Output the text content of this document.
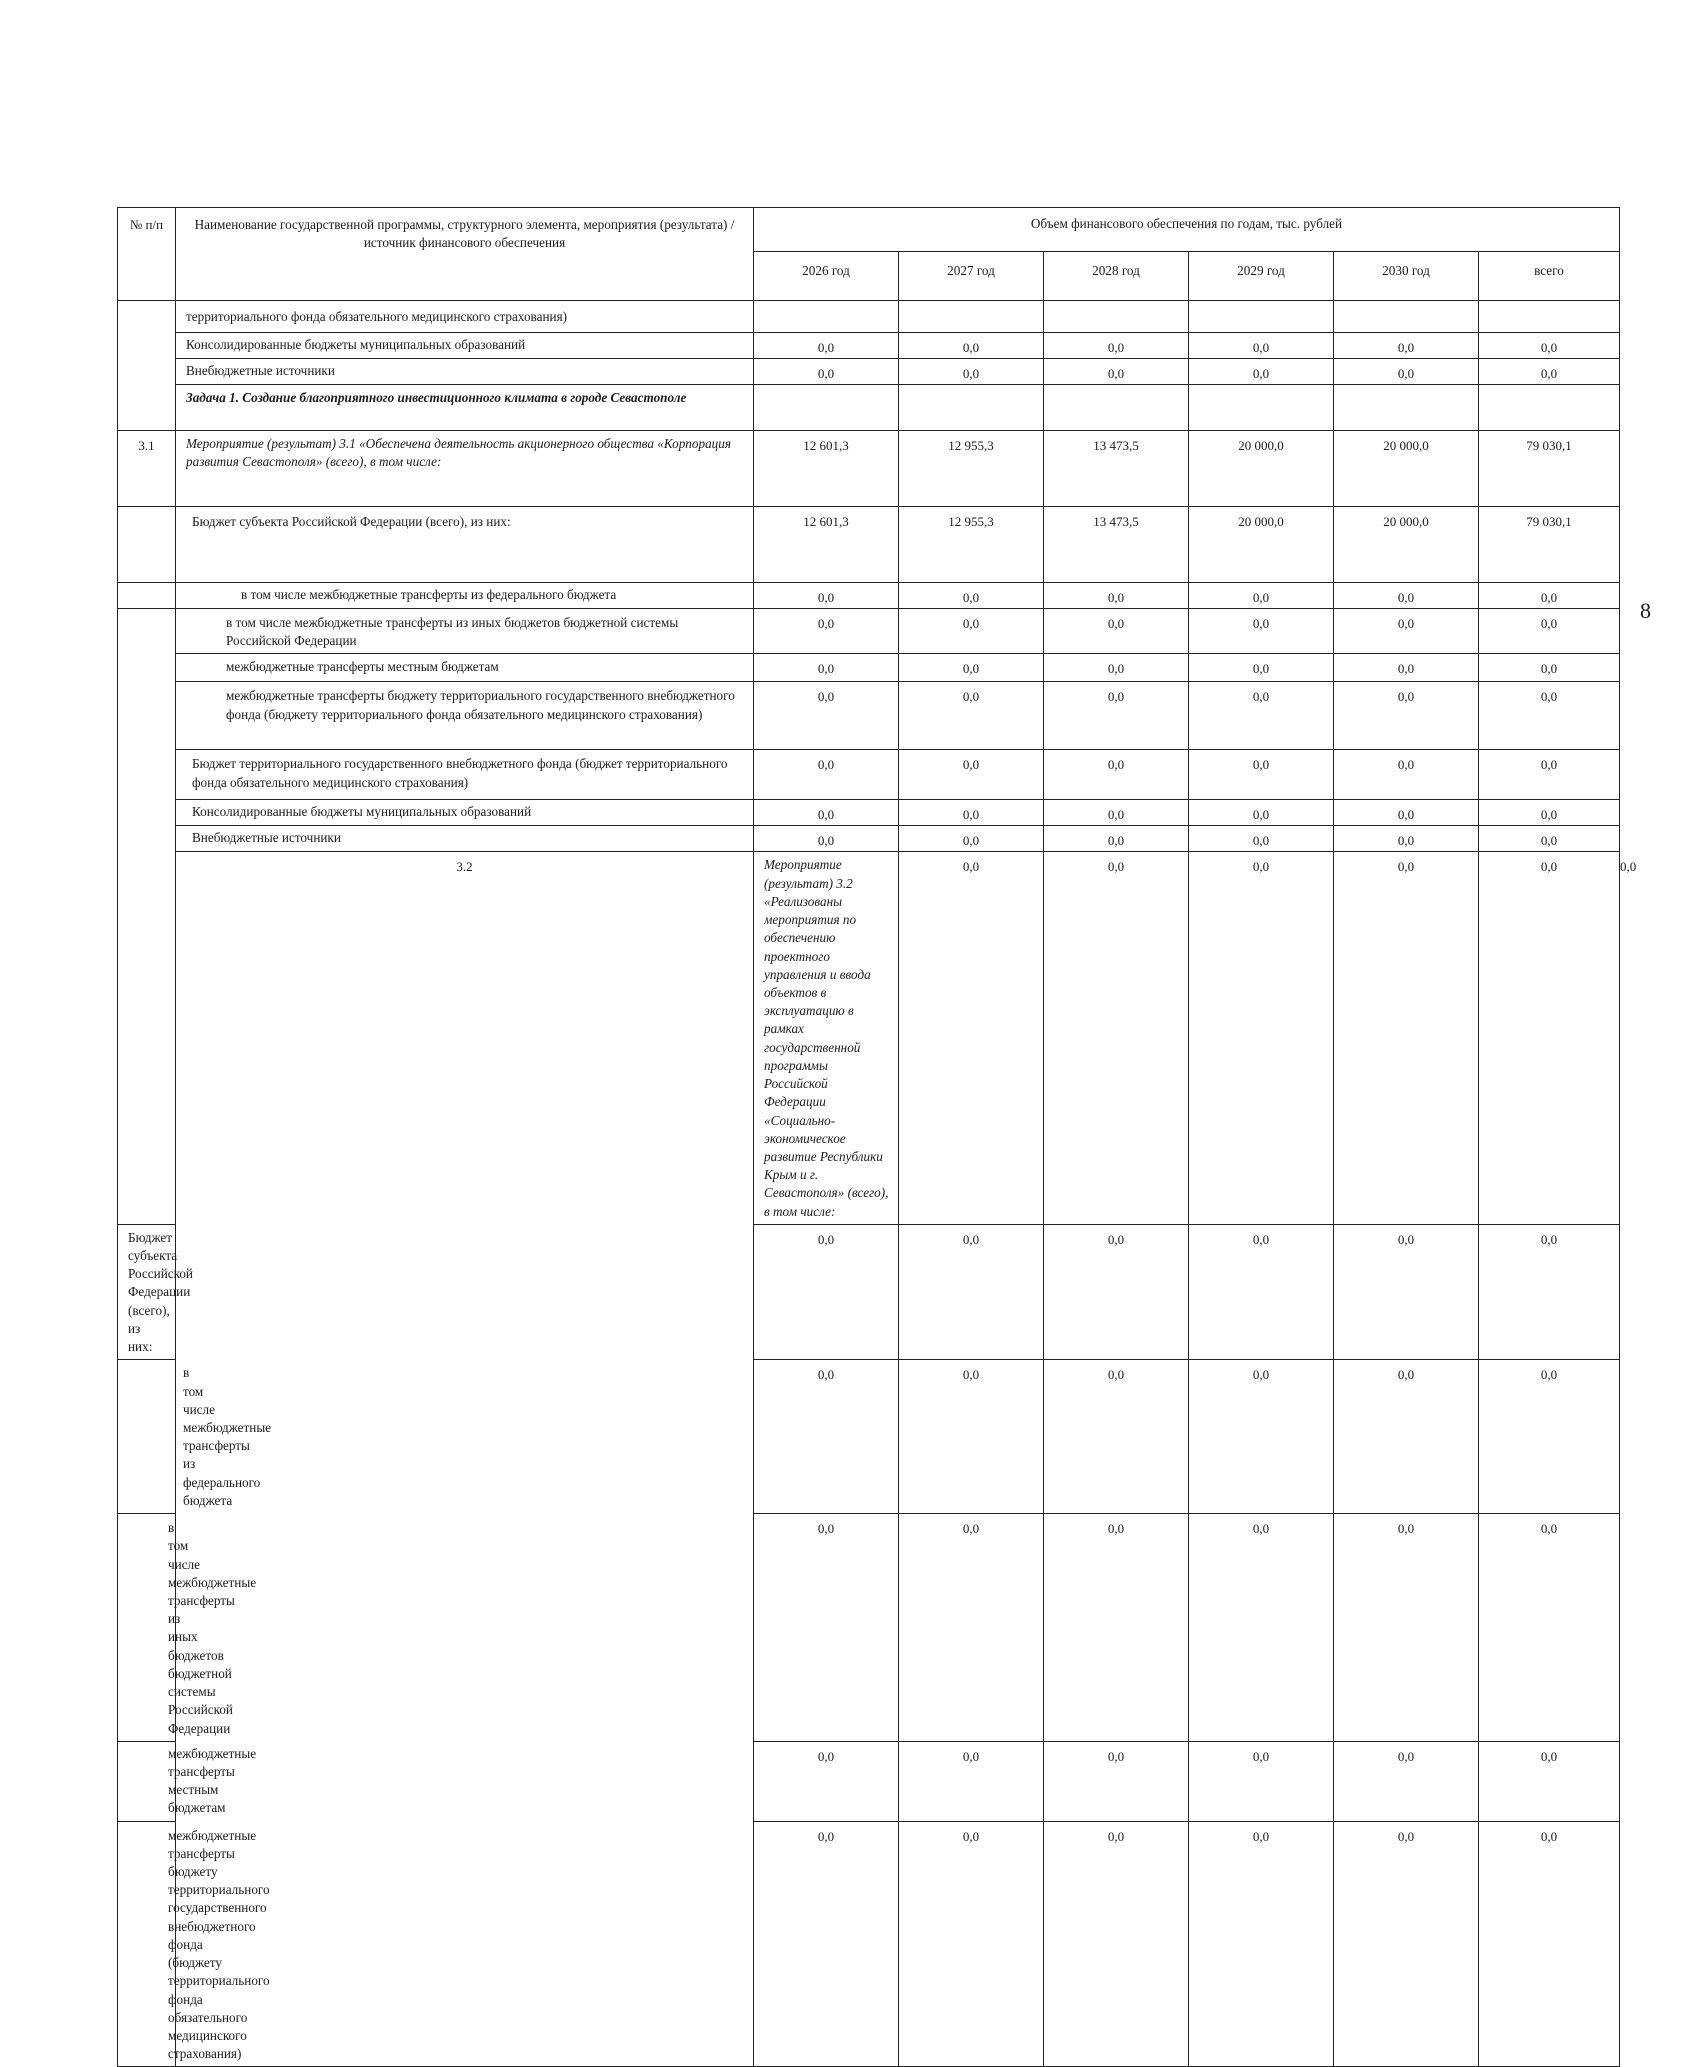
№ п/п	Наименование государственной программы, структурного элемента, мероприятия (результата) / источник финансового обеспечения	Объем финансового обеспечения по годам, тыс. рублей						
		2026 год	2027 год	2028 год	2029 год	2030 год	всего	
	территориального фонда обязательного медицинского страхования)							
	Консолидированные бюджеты муниципальных образований	0,0	0,0	0,0	0,0	0,0	0,0	
	Внебюджетные источники	0,0	0,0	0,0	0,0	0,0	0,0	
	Задача 1. Создание благоприятного инвестиционного климата в городе Севастополе							
3.1	Мероприятие (результат) 3.1 «Обеспечена деятельность акционерного общества «Корпорация развития Севастополя» (всего), в том числе:	12 601,3	12 955,3	13 473,5	20 000,0	20 000,0	79 030,1	
	Бюджет субъекта Российской Федерации (всего), из них:	12 601,3	12 955,3	13 473,5	20 000,0	20 000,0	79 030,1	
	в том числе межбюджетные трансферты из федерального бюджета	0,0	0,0	0,0	0,0	0,0	0,0	
	в том числе межбюджетные трансферты из иных бюджетов бюджетной системы Российской Федерации	0,0	0,0	0,0	0,0	0,0	0,0	
	межбюджетные трансферты местным бюджетам	0,0	0,0	0,0	0,0	0,0	0,0	
	межбюджетные трансферты бюджету территориального государственного внебюджетного фонда (бюджету территориального фонда обязательного медицинского страхования)	0,0	0,0	0,0	0,0	0,0	0,0	
	Бюджет территориального государственного внебюджетного фонда (бюджет территориального фонда обязательного медицинского страхования)	0,0	0,0	0,0	0,0	0,0	0,0	
	Консолидированные бюджеты муниципальных образований	0,0	0,0	0,0	0,0	0,0	0,0	
	Внебюджетные источники	0,0	0,0	0,0	0,0	0,0	0,0	
	3.2	Мероприятие (результат) 3.2 «Реализованы мероприятия по обеспечению проектного управления и ввода объектов в эксплуатацию в рамках государственной программы Российской Федерации «Социально-экономическое развитие Республики Крым и г. Севастополя» (всего), в том числе:	0,0	0,0	0,0	0,0	0,0	0,0
Бюджет субъекта Российской Федерации (всего), из них:		0,0	0,0	0,0	0,0	0,0	0,0	
в том числе межбюджетные трансферты из федерального бюджета		0,0	0,0	0,0	0,0	0,0	0,0	
в том числе межбюджетные трансферты из иных бюджетов бюджетной системы Российской Федерации		0,0	0,0	0,0	0,0	0,0	0,0	
межбюджетные трансферты местным бюджетам		0,0	0,0	0,0	0,0	0,0	0,0	
межбюджетные трансферты бюджету территориального государственного внебюджетного фонда (бюджету территориального фонда обязательного медицинского страхования)		0,0	0,0	0,0	0,0	0,0	0,0	
8
